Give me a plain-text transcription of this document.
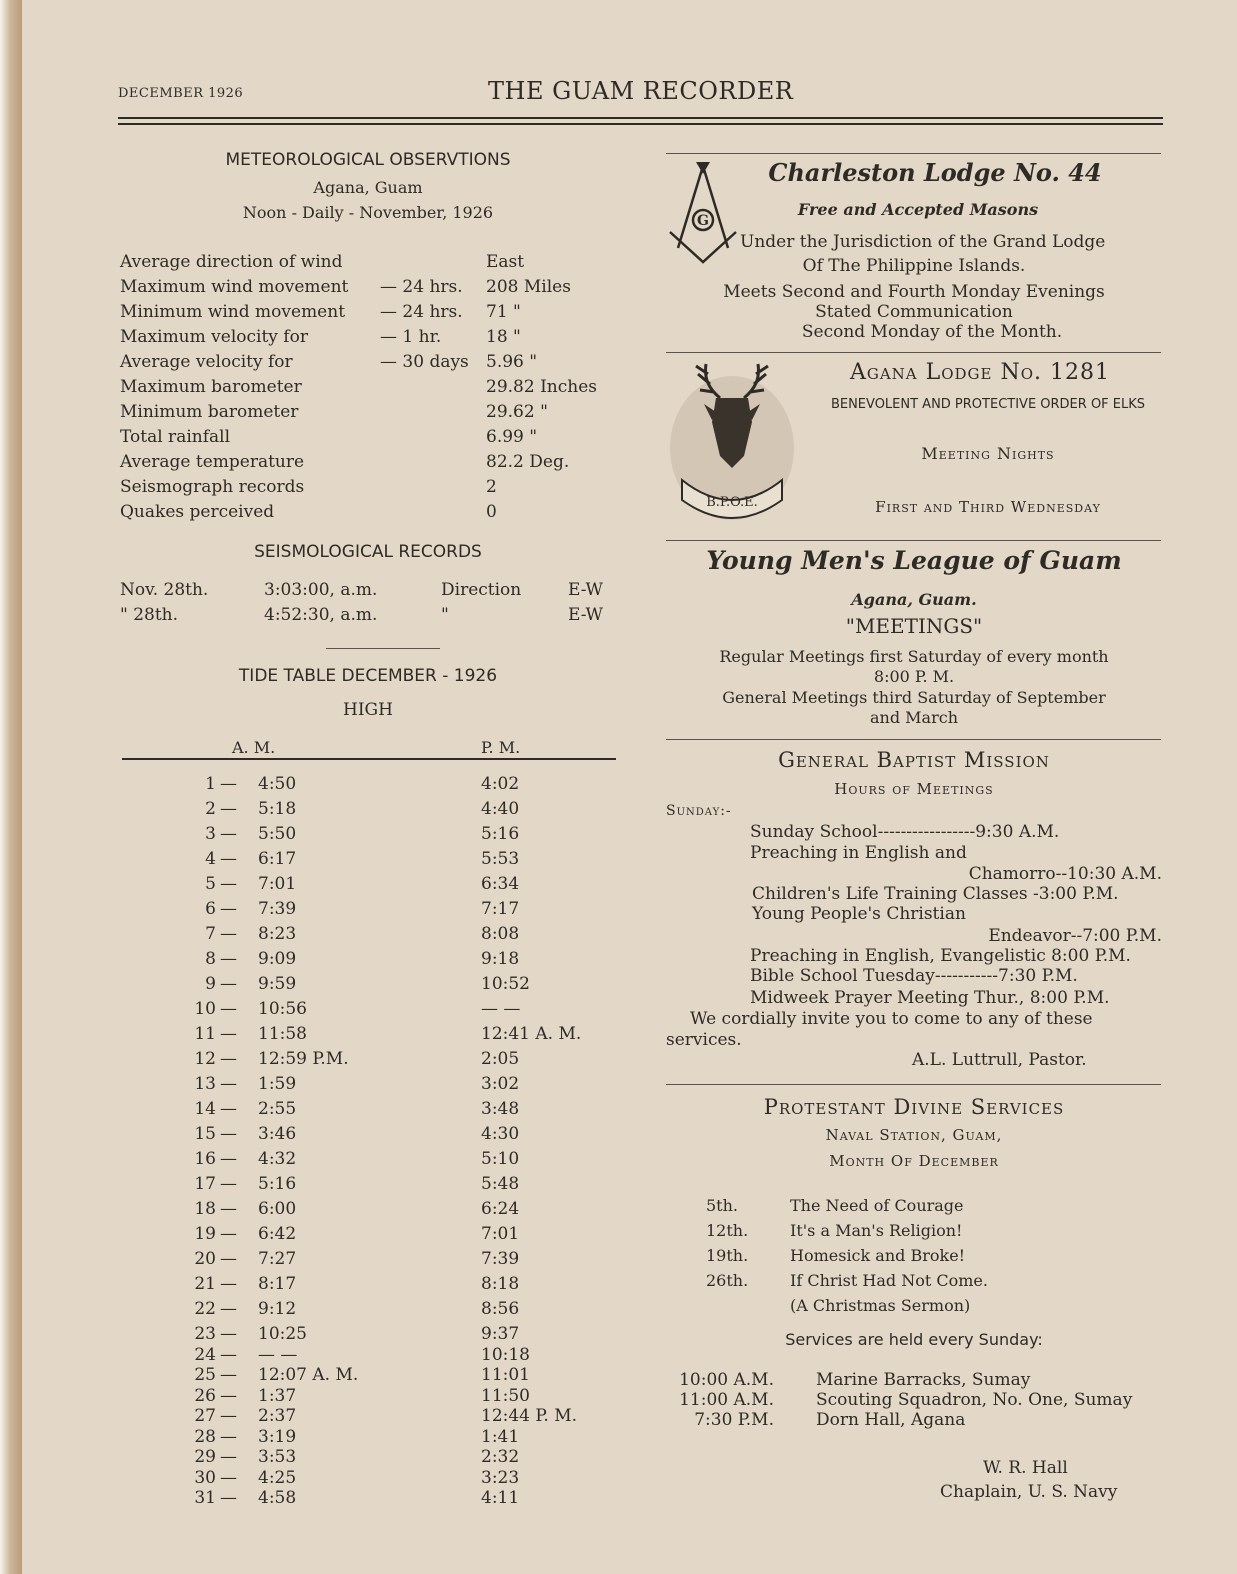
DECEMBER 1926	THE GUAM RECORDER
METEOROLOGICAL OBSERVTIONS
Agana, Guam
Noon - Daily - November, 1926
Average direction of wind	East
Maximum wind movement — 24 hrs. 208 Miles
Minimum wind movement — 24 hrs. 71 "
Maximum velocity for	— 1 hr.	18 "
Average velocity for	— 30 days 5.96 "
Maximum barometer	29.82 Inches
Minimum barometer	29.62 "
Total rainfall	6.99 "
Average temperature	82.2 Deg.
Seismograph records	2
Quakes perceived	0
SEISMOLOGICAL RECORDS
Nov. 28th.	3:03:00, a.m.	Direction	E-W
" 28th.	4:52:30, a.m.	"	E-W
TIDE TABLE DECEMBER - 1926
HIGH
A. M.	P. M.
1 — 4:50	4:02
2 — 5:18	4:40
3 — 5:50	5:16
4 — 6:17	5:53
5 — 7:01	6:34
6 — 7:39	7:17
7 — 8:23	8:08
8 — 9:09	9:18
9 — 9:59	10:52
10 — 10:56	— —
11 — 11:58	12:41 A. M.
12 — 12:59 P.M.	2:05
13 — 1:59	3:02
14 — 2:55	3:48
15 — 3:46	4:30
16 — 4:32	5:10
17 — 5:16	5:48
18 — 6:00	6:24
19 — 6:42	7:01
20 — 7:27	7:39
21 — 8:17	8:18
22 — 9:12	8:56
23 — 10:25	9:37
24 — — —	10:18
25 — 12:07 A. M.	11:01
26 — 1:37	11:50
27 — 2:37	12:44 P. M.
28 — 3:19	1:41
29 — 3:53	2:32
30 — 4:25	3:23
31 — 4:58	4:11
G
Charleston Lodge No. 44
Free and Accepted Masons
Under the Jurisdiction of the Grand Lodge
Of The Philippine Islands.
Meets Second and Fourth Monday Evenings
Stated Communication
Second Monday of the Month.
B.P.O.E.
Agana Lodge No. 1281
BENEVOLENT AND PROTECTIVE ORDER OF ELKS
Meeting Nights
First and Third Wednesday
Young Men's League of Guam
Agana, Guam.
"MEETINGS"
Regular Meetings first Saturday of every month
8:00 P. M.
General Meetings third Saturday of September
and March
General Baptist Mission
Hours of Meetings
Sunday:-
Sunday School-----------------9:30 A.M.
Preaching in English and
Chamorro--10:30 A.M.
Children's Life Training Classes -3:00 P.M.
Young People's Christian
Endeavor--7:00 P.M.
Preaching in English, Evangelistic 8:00 P.M.
Bible School Tuesday-----------7:30 P.M.
Midweek Prayer Meeting Thur., 8:00 P.M.
We cordially invite you to come to any of these
services.
A.L. Luttrull, Pastor.
Protestant Divine Services
Naval Station, Guam,
Month Of December
5th.	The Need of Courage
12th.	It's a Man's Religion!
19th.	Homesick and Broke!
26th.	If Christ Had Not Come.
(A Christmas Sermon)
Services are held every Sunday:
10:00 A.M. Marine Barracks, Sumay
11:00 A.M. Scouting Squadron, No. One, Sumay
7:30 P.M. Dorn Hall, Agana
W. R. Hall
Chaplain, U. S. Navy
